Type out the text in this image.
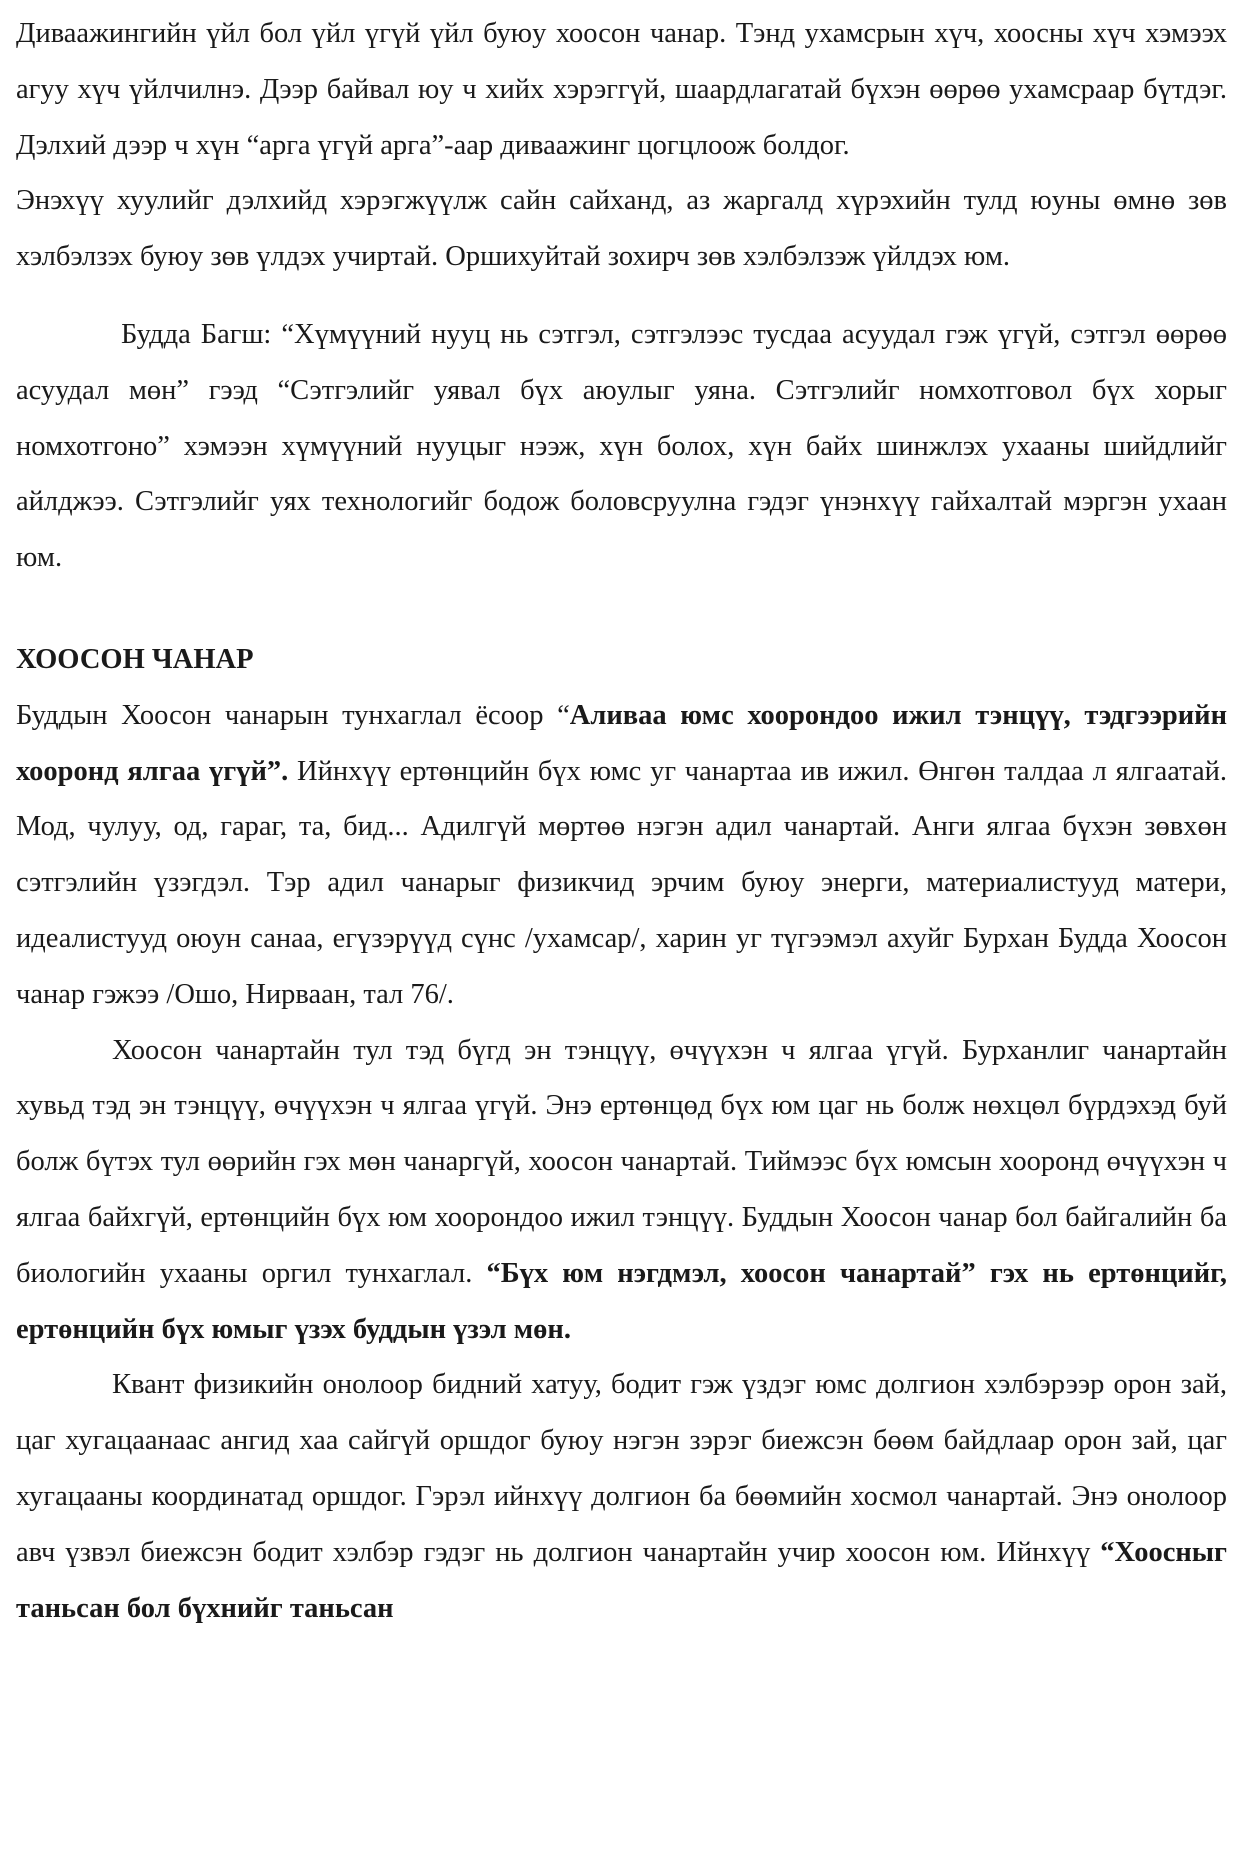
Диваажингийн үйл бол үйл үгүй үйл буюу хоосон чанар. Тэнд ухамсрын хүч, хоосны хүч хэмээх агуу хүч үйлчилнэ. Дээр байвал юу ч хийх хэрэггүй, шаардлагатай бүхэн өөрөө ухамсраар бүтдэг. Дэлхий дээр ч хүн “арга үгүй арга”-аар диваажинг цогцлоож болдог.

Энэхүү хуулийг дэлхийд хэрэгжүүлж сайн сайханд, аз жаргалд хүрэхийн тулд юуны өмнө зөв хэлбэлзэх буюу зөв үлдэх учиртай. Оршихуйтай зохирч зөв хэлбэлзэж үйлдэх юм.

Будда Багш: “Хүмүүний нууц нь сэтгэл, сэтгэлээс тусдаа асуудал гэж үгүй, сэтгэл өөрөө асуудал мөн” гээд “Сэтгэлийг уявал бүх аюулыг уяна. Сэтгэлийг номхотговол бүх хорыг номхотгоно” хэмээн хүмүүний нууцыг нээж, хүн болох, хүн байх шинжлэх ухааны шийдлийг айлджээ. Сэтгэлийг уях технологийг бодож боловсруулна гэдэг үнэнхүү гайхалтай мэргэн ухаан юм.

ХООСОН ЧАНАР

Буддын Хоосон чанарын тунхаглал ёсоор “Аливаа юмс хоорондоо ижил тэнцүү, тэдгээрийн хооронд ялгаа үгүй”. Ийнхүү ертөнцийн бүх юмс уг чанартаа ив ижил. Өнгөн талдаа л ялгаатай. Мод, чулуу, од, гараг, та, бид... Адилгүй мөртөө нэгэн адил чанартай. Анги ялгаа бүхэн зөвхөн сэтгэлийн үзэгдэл. Тэр адил чанарыг физикчид эрчим буюу энерги, материалистууд матери, идеалистууд оюун санаа, егүзэрүүд сүнс /ухамсар/, харин уг түгээмэл ахуйг Бурхан Будда Хоосон чанар гэжээ /Ошо, Нирваан, тал 76/.

Хоосон чанартайн тул тэд бүгд эн тэнцүү, өчүүхэн ч ялгаа үгүй. Бурханлиг чанартайн хувьд тэд эн тэнцүү, өчүүхэн ч ялгаа үгүй. Энэ ертөнцөд бүх юм цаг нь болж нөхцөл бүрдэхэд буй болж бүтэх тул өөрийн гэх мөн чанаргүй, хоосон чанартай. Тиймээс бүх юмсын хооронд өчүүхэн ч ялгаа байхгүй, ертөнцийн бүх юм хоорондоо ижил тэнцүү. Буддын Хоосон чанар бол байгалийн ба биологийн ухааны оргил тунхаглал. “Бүх юм нэгдмэл, хоосон чанартай” гэх нь ертөнцийг, ертөнцийн бүх юмыг үзэх буддын үзэл мөн.

Квант физикийн онолоор бидний хатуу, бодит гэж үздэг юмс долгион хэлбэрээр орон зай, цаг хугацаанаас ангид хаа сайгүй оршдог буюу нэгэн зэрэг биежсэн бөөм байдлаар орон зай, цаг хугацааны координатад оршдог. Гэрэл ийнхүү долгион ба бөөмийн хосмол чанартай. Энэ онолоор авч үзвэл биежсэн бодит хэлбэр гэдэг нь долгион чанартайн учир хоосон юм. Ийнхүү “Хоосныг таньсан бол бүхнийг таньсан
